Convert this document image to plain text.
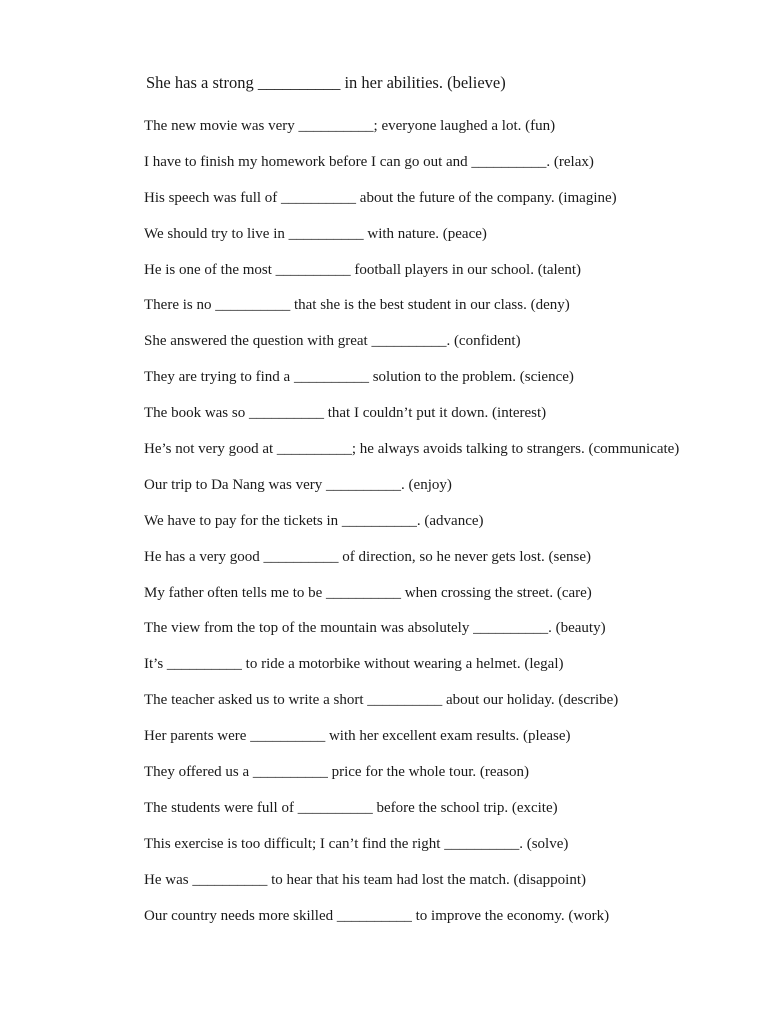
She has a strong __________ in her abilities. (believe)
The new movie was very __________; everyone laughed a lot. (fun)
I have to finish my homework before I can go out and __________. (relax)
His speech was full of __________ about the future of the company. (imagine)
We should try to live in __________ with nature. (peace)
He is one of the most __________ football players in our school. (talent)
There is no __________ that she is the best student in our class. (deny)
She answered the question with great __________. (confident)
They are trying to find a __________ solution to the problem. (science)
The book was so __________ that I couldn’t put it down. (interest)
He’s not very good at __________; he always avoids talking to strangers. (communicate)
Our trip to Da Nang was very __________. (enjoy)
We have to pay for the tickets in __________. (advance)
He has a very good __________ of direction, so he never gets lost. (sense)
My father often tells me to be __________ when crossing the street. (care)
The view from the top of the mountain was absolutely __________. (beauty)
It’s __________ to ride a motorbike without wearing a helmet. (legal)
The teacher asked us to write a short __________ about our holiday. (describe)
Her parents were __________ with her excellent exam results. (please)
They offered us a __________ price for the whole tour. (reason)
The students were full of __________ before the school trip. (excite)
This exercise is too difficult; I can’t find the right __________. (solve)
He was __________ to hear that his team had lost the match. (disappoint)
Our country needs more skilled __________ to improve the economy. (work)
